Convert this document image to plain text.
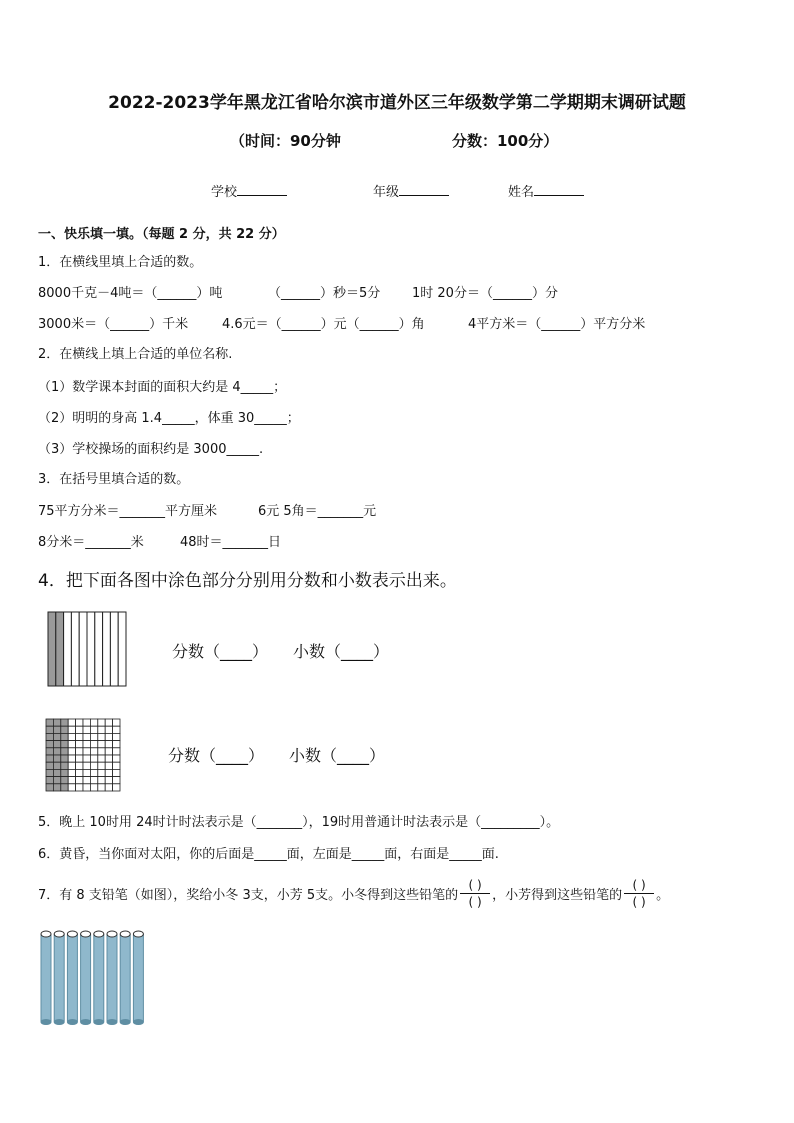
2022-2023学年黑龙江省哈尔滨市道外区三年级数学第二学期期末调研试题
（时间：90分钟	分数：100分）
学校	年级	姓名
一、快乐填一填。（每题 2 分，共 22 分）
1．在横线里填上合适的数。
8000千克－4吨＝（______）吨	（______）秒＝5分 1时 20分＝（______）分
3000米＝（______）千米	4.6元＝（______）元（______）角	4平方米＝（______）平方分米
2．在横线上填上合适的单位名称.
（1）数学课本封面的面积大约是 4_____；
（2）明明的身高 1.4_____，体重 30_____；
（3）学校操场的面积约是 3000_____.
3．在括号里填合适的数。
75平方分米＝_______平方厘米	6元 5角＝_______元
8分米＝_______米	48时＝_______日
4．把下面各图中涂色部分分别用分数和小数表示出来。
分数（____） 小数（____）
分数（____） 小数（____）
5．晚上 10时用 24时计时法表示是（_______），19时用普通计时法表示是（_________）。
6．黄昏，当你面对太阳，你的后面是_____面，左面是_____面，右面是_____面.
7．有 8 支铅笔（如图），奖给小冬 3支，小芳 5支。小冬得到这些铅笔的 $\frac{( )}{( )}$ ，小芳得到这些铅笔的 $\frac{( )}{( )}$ 。
